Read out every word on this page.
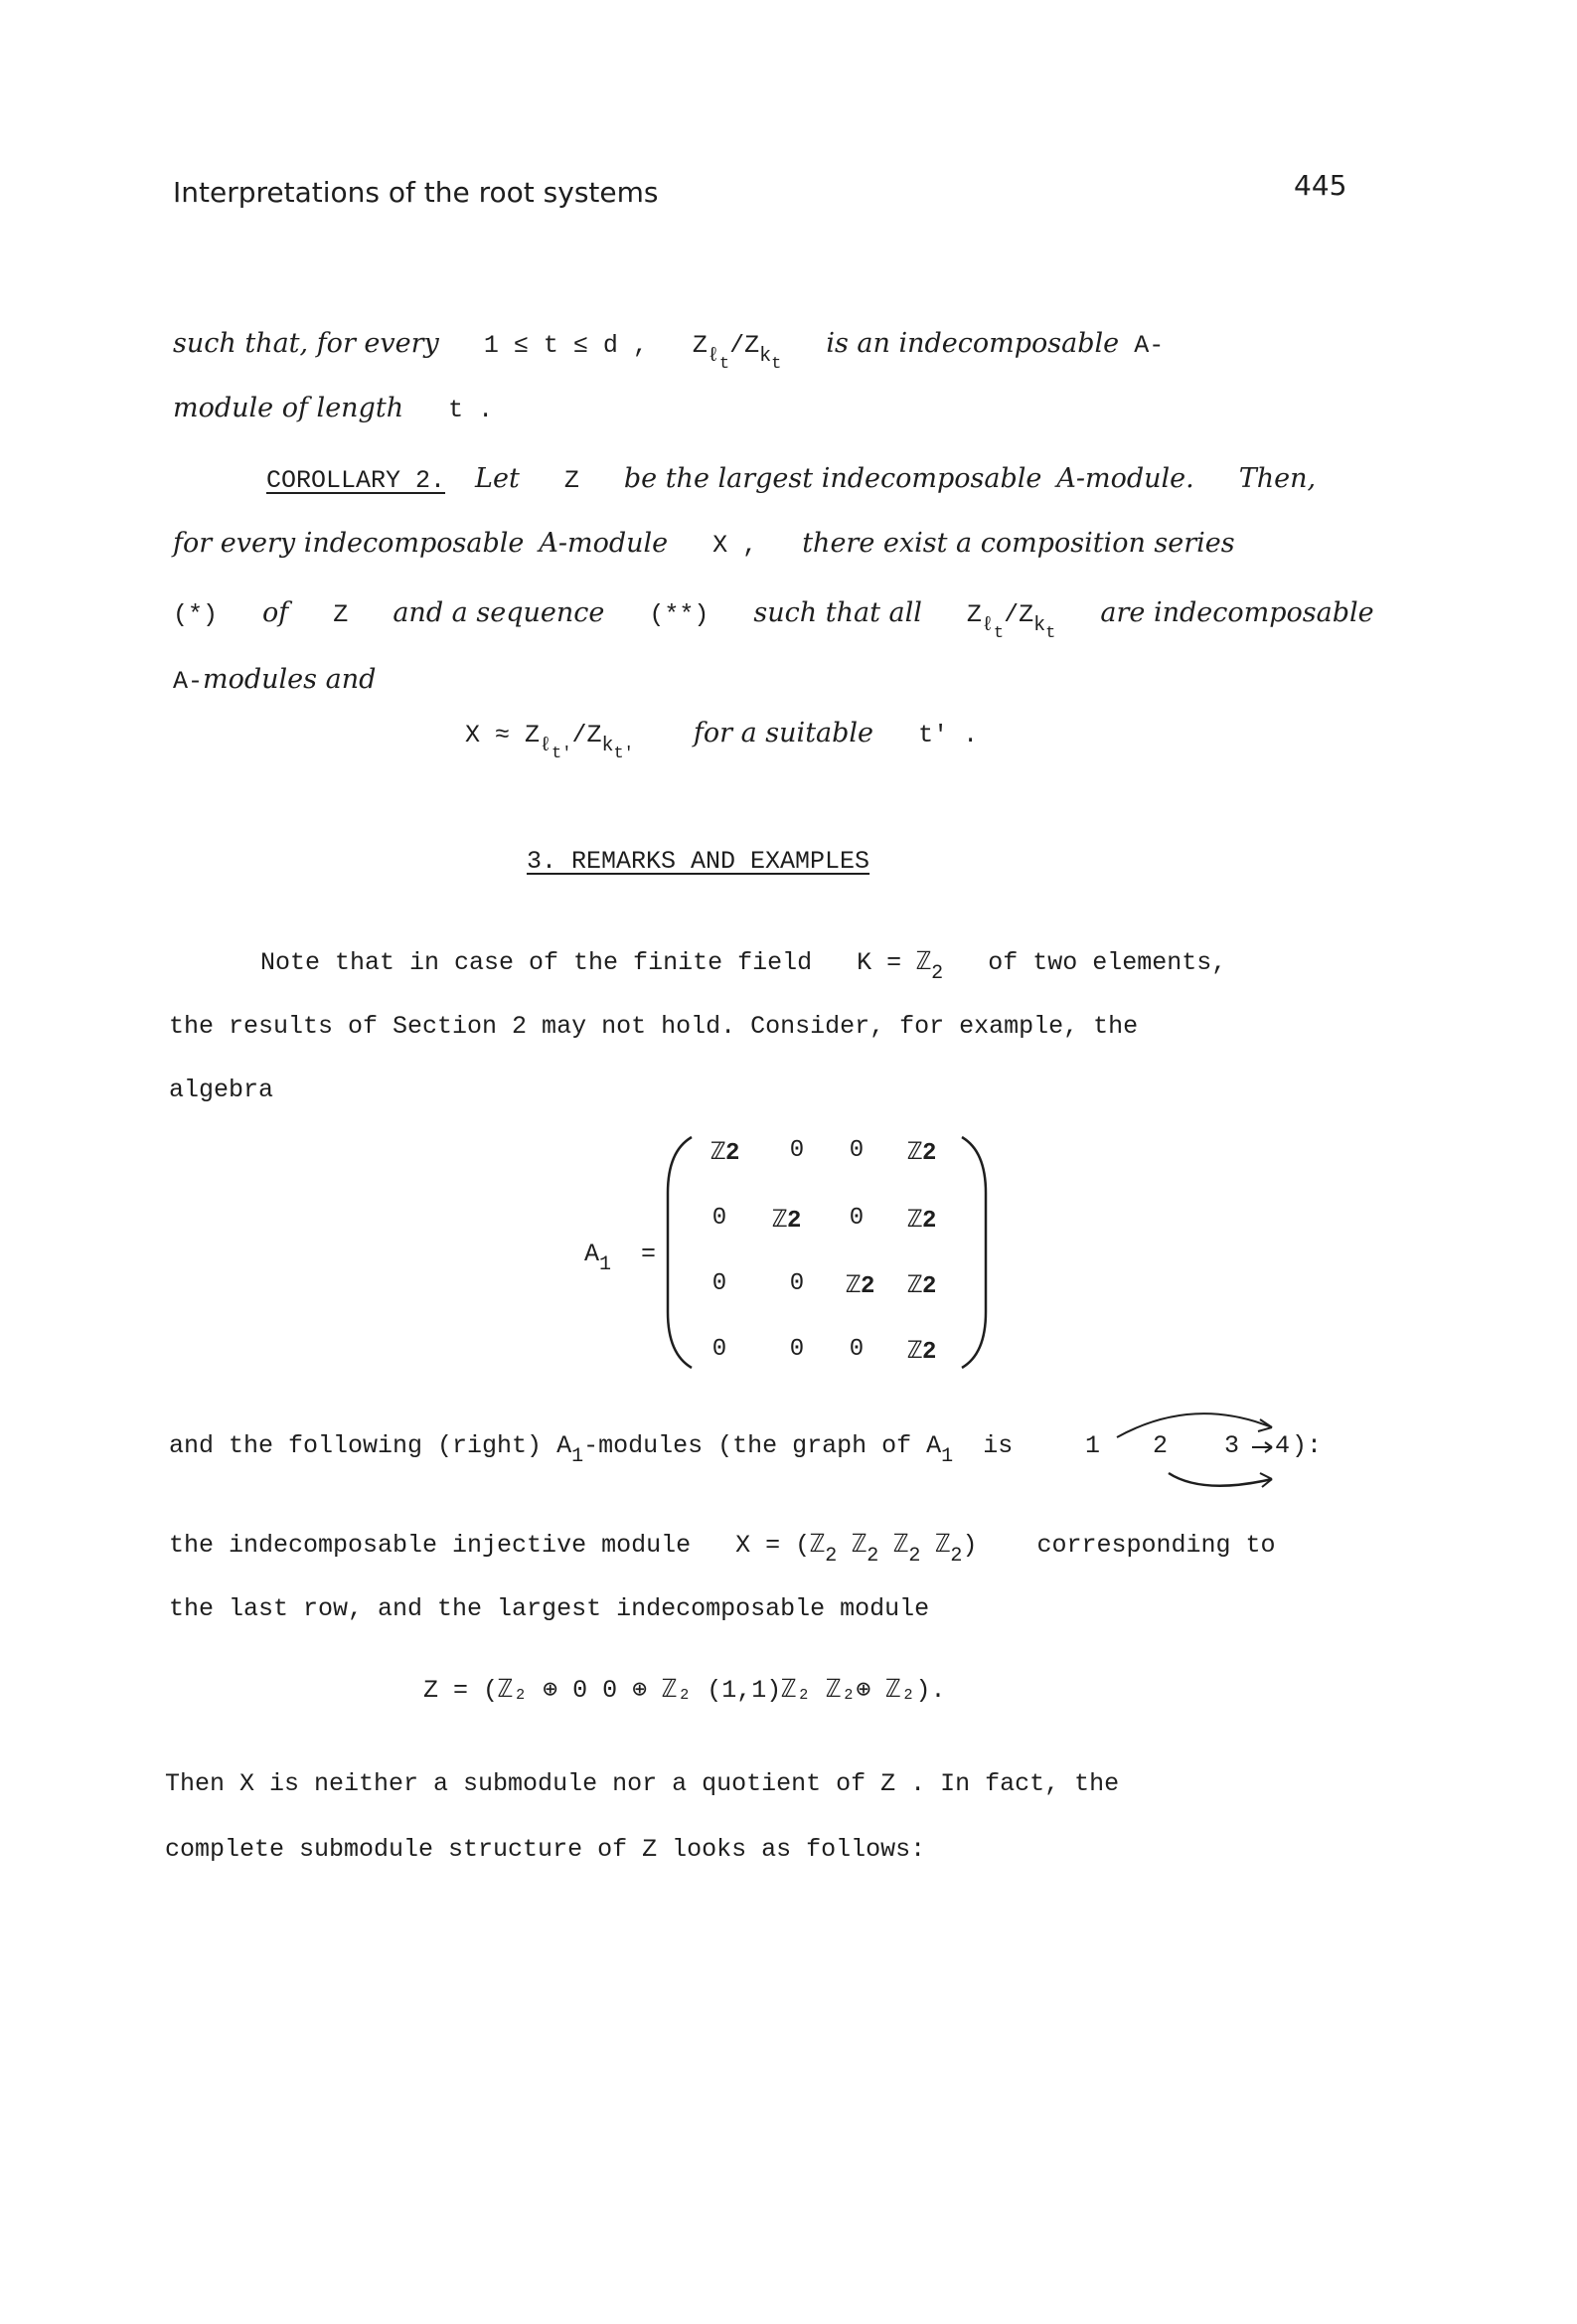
Interpretations of the root systems	445
such that, for every 1 ≤ t ≤ d , $Z_{\ell_t}/Z_{k_t}$   is an indecomposable A-
module of length t .
COROLLARY 2. Let Z be the largest indecomposable A-module. Then,
for every indecomposable A-module X , there exist a composition series
(*) of Z and a sequence (**) such that all $Z_{\ell_t}/Z_{k_t}$   are indecomposable
A-modules and
$X \approx Z_{\ell_{t'}}/Z_{k_{t'}}$    for a suitable t' .
3. REMARKS AND EXAMPLES
Note that in case of the finite field K = ℤ$_2$ of two elements,
the results of Section 2 may not hold. Consider, for example, the
algebra
$A_1$ =
ℤ2	0	0	ℤ2
0	ℤ2	0	ℤ2
0	0	ℤ2	ℤ2
0	0	0	ℤ2
and the following (right) $A_1$-modules (the graph of $A_1$ is	1 2 3 4 ):
the indecomposable injective module X = (ℤ$_2$ ℤ$_2$ ℤ$_2$ ℤ$_2$)    corresponding to
the last row, and the largest indecomposable module
Z = (ℤ₂ ⊕ 0 0 ⊕ ℤ₂ (1,1)ℤ₂ ℤ₂⊕ ℤ₂).
Then X is neither a submodule nor a quotient of Z . In fact, the
complete submodule structure of Z looks as follows:
